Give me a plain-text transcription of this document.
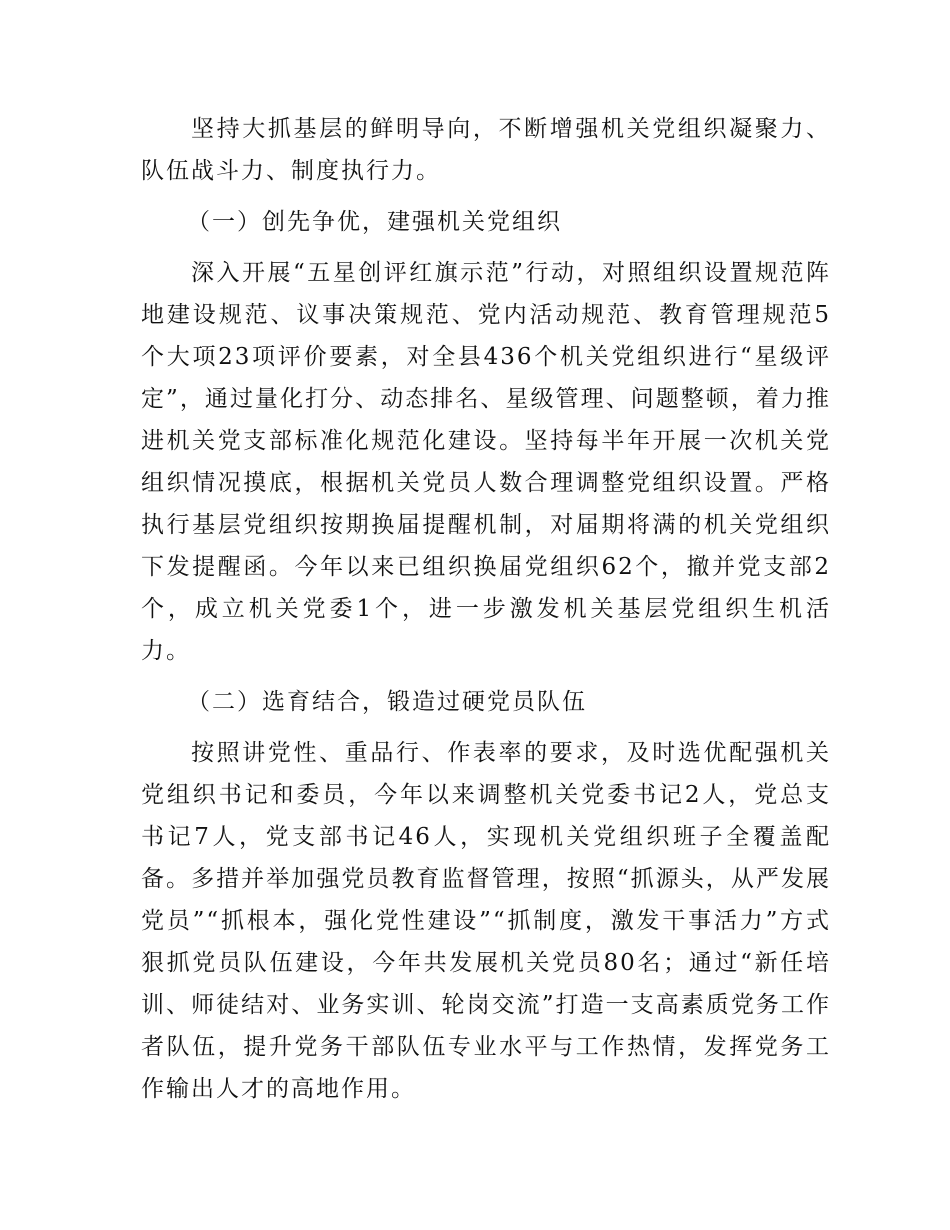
坚持大抓基层的鲜明导向，不断增强机关党组织凝聚力、队伍战斗力、制度执行力。

（一）创先争优，建强机关党组织

深入开展“五星创评红旗示范”行动，对照组织设置规范阵地建设规范、议事决策规范、党内活动规范、教育管理规范5个大项23项评价要素，对全县436个机关党组织进行“星级评定”，通过量化打分、动态排名、星级管理、问题整顿，着力推进机关党支部标准化规范化建设。坚持每半年开展一次机关党组织情况摸底，根据机关党员人数合理调整党组织设置。严格执行基层党组织按期换届提醒机制，对届期将满的机关党组织下发提醒函。今年以来已组织换届党组织62个，撤并党支部2个，成立机关党委1个，进一步激发机关基层党组织生机活力。

（二）选育结合，锻造过硬党员队伍

按照讲党性、重品行、作表率的要求，及时选优配强机关党组织书记和委员，今年以来调整机关党委书记2人，党总支书记7人，党支部书记46人，实现机关党组织班子全覆盖配备。多措并举加强党员教育监督管理，按照“抓源头，从严发展党员”“抓根本，强化党性建设”“抓制度，激发干事活力”方式狠抓党员队伍建设，今年共发展机关党员80名；通过“新任培训、师徒结对、业务实训、轮岗交流”打造一支高素质党务工作者队伍，提升党务干部队伍专业水平与工作热情，发挥党务工作输出人才的高地作用。
